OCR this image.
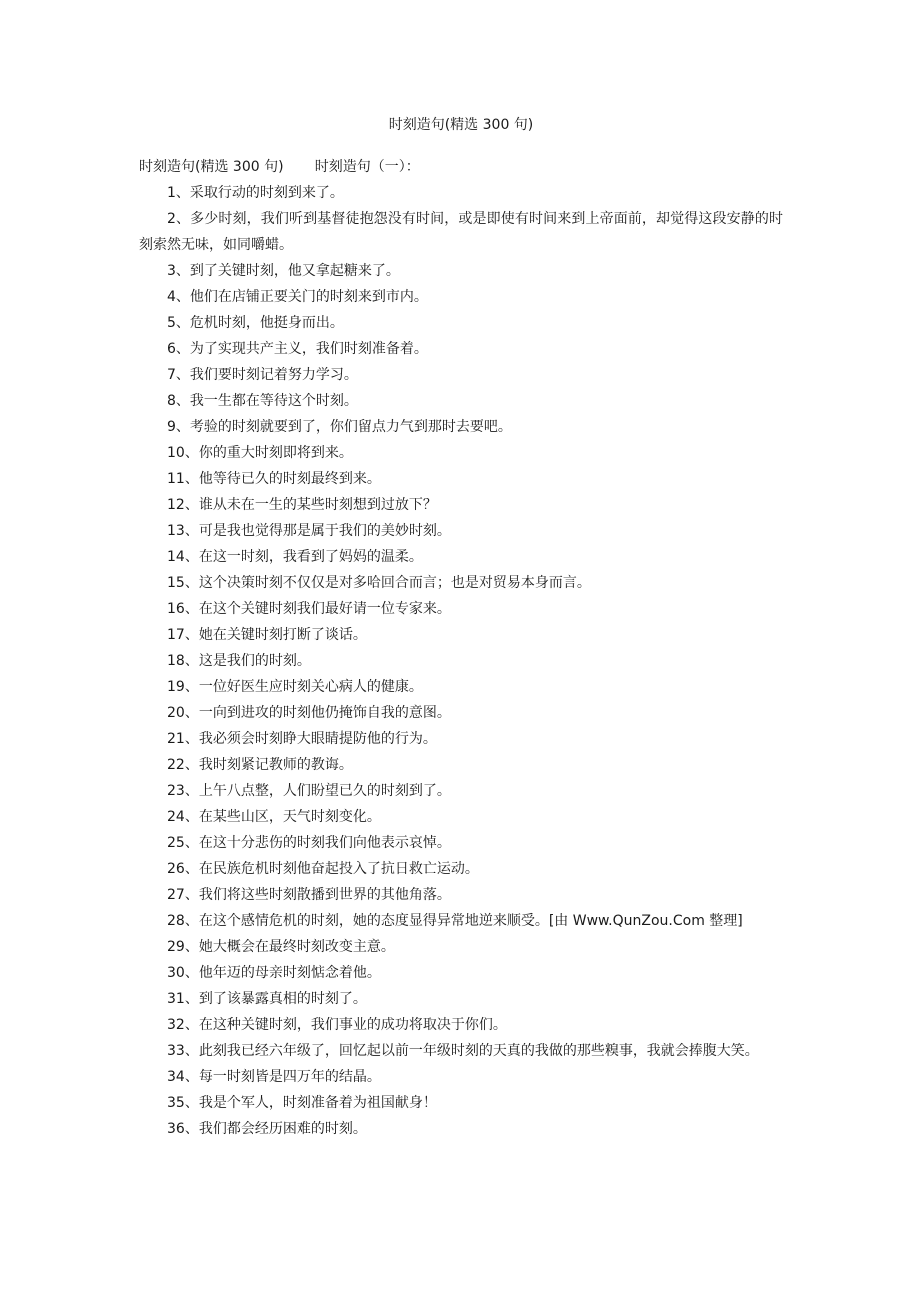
时刻造句(精选 300 句)

时刻造句(精选 300 句) 时刻造句（一）：

1、采取行动的时刻到来了。

2、多少时刻，我们听到基督徒抱怨没有时间，或是即使有时间来到上帝面前，却觉得这段安静的时刻索然无味，如同嚼蜡。

3、到了关键时刻，他又拿起糖来了。

4、他们在店铺正要关门的时刻来到市内。

5、危机时刻，他挺身而出。

6、为了实现共产主义，我们时刻准备着。

7、我们要时刻记着努力学习。

8、我一生都在等待这个时刻。

9、考验的时刻就要到了，你们留点力气到那时去要吧。

10、你的重大时刻即将到来。

11、他等待已久的时刻最终到来。

12、谁从未在一生的某些时刻想到过放下？

13、可是我也觉得那是属于我们的美妙时刻。

14、在这一时刻，我看到了妈妈的温柔。

15、这个决策时刻不仅仅是对多哈回合而言；也是对贸易本身而言。

16、在这个关键时刻我们最好请一位专家来。

17、她在关键时刻打断了谈话。

18、这是我们的时刻。

19、一位好医生应时刻关心病人的健康。

20、一向到进攻的时刻他仍掩饰自我的意图。

21、我必须会时刻睁大眼睛提防他的行为。

22、我时刻紧记教师的教诲。

23、上午八点整，人们盼望已久的时刻到了。

24、在某些山区，天气时刻变化。

25、在这十分悲伤的时刻我们向他表示哀悼。

26、在民族危机时刻他奋起投入了抗日救亡运动。

27、我们将这些时刻散播到世界的其他角落。

28、在这个感情危机的时刻，她的态度显得异常地逆来顺受。[由 Www.QunZou.Com 整理]

29、她大概会在最终时刻改变主意。

30、他年迈的母亲时刻惦念着他。

31、到了该暴露真相的时刻了。

32、在这种关键时刻，我们事业的成功将取决于你们。

33、此刻我已经六年级了，回忆起以前一年级时刻的天真的我做的那些糗事，我就会捧腹大笑。

34、每一时刻皆是四万年的结晶。

35、我是个军人，时刻准备着为祖国献身！

36、我们都会经历困难的时刻。
